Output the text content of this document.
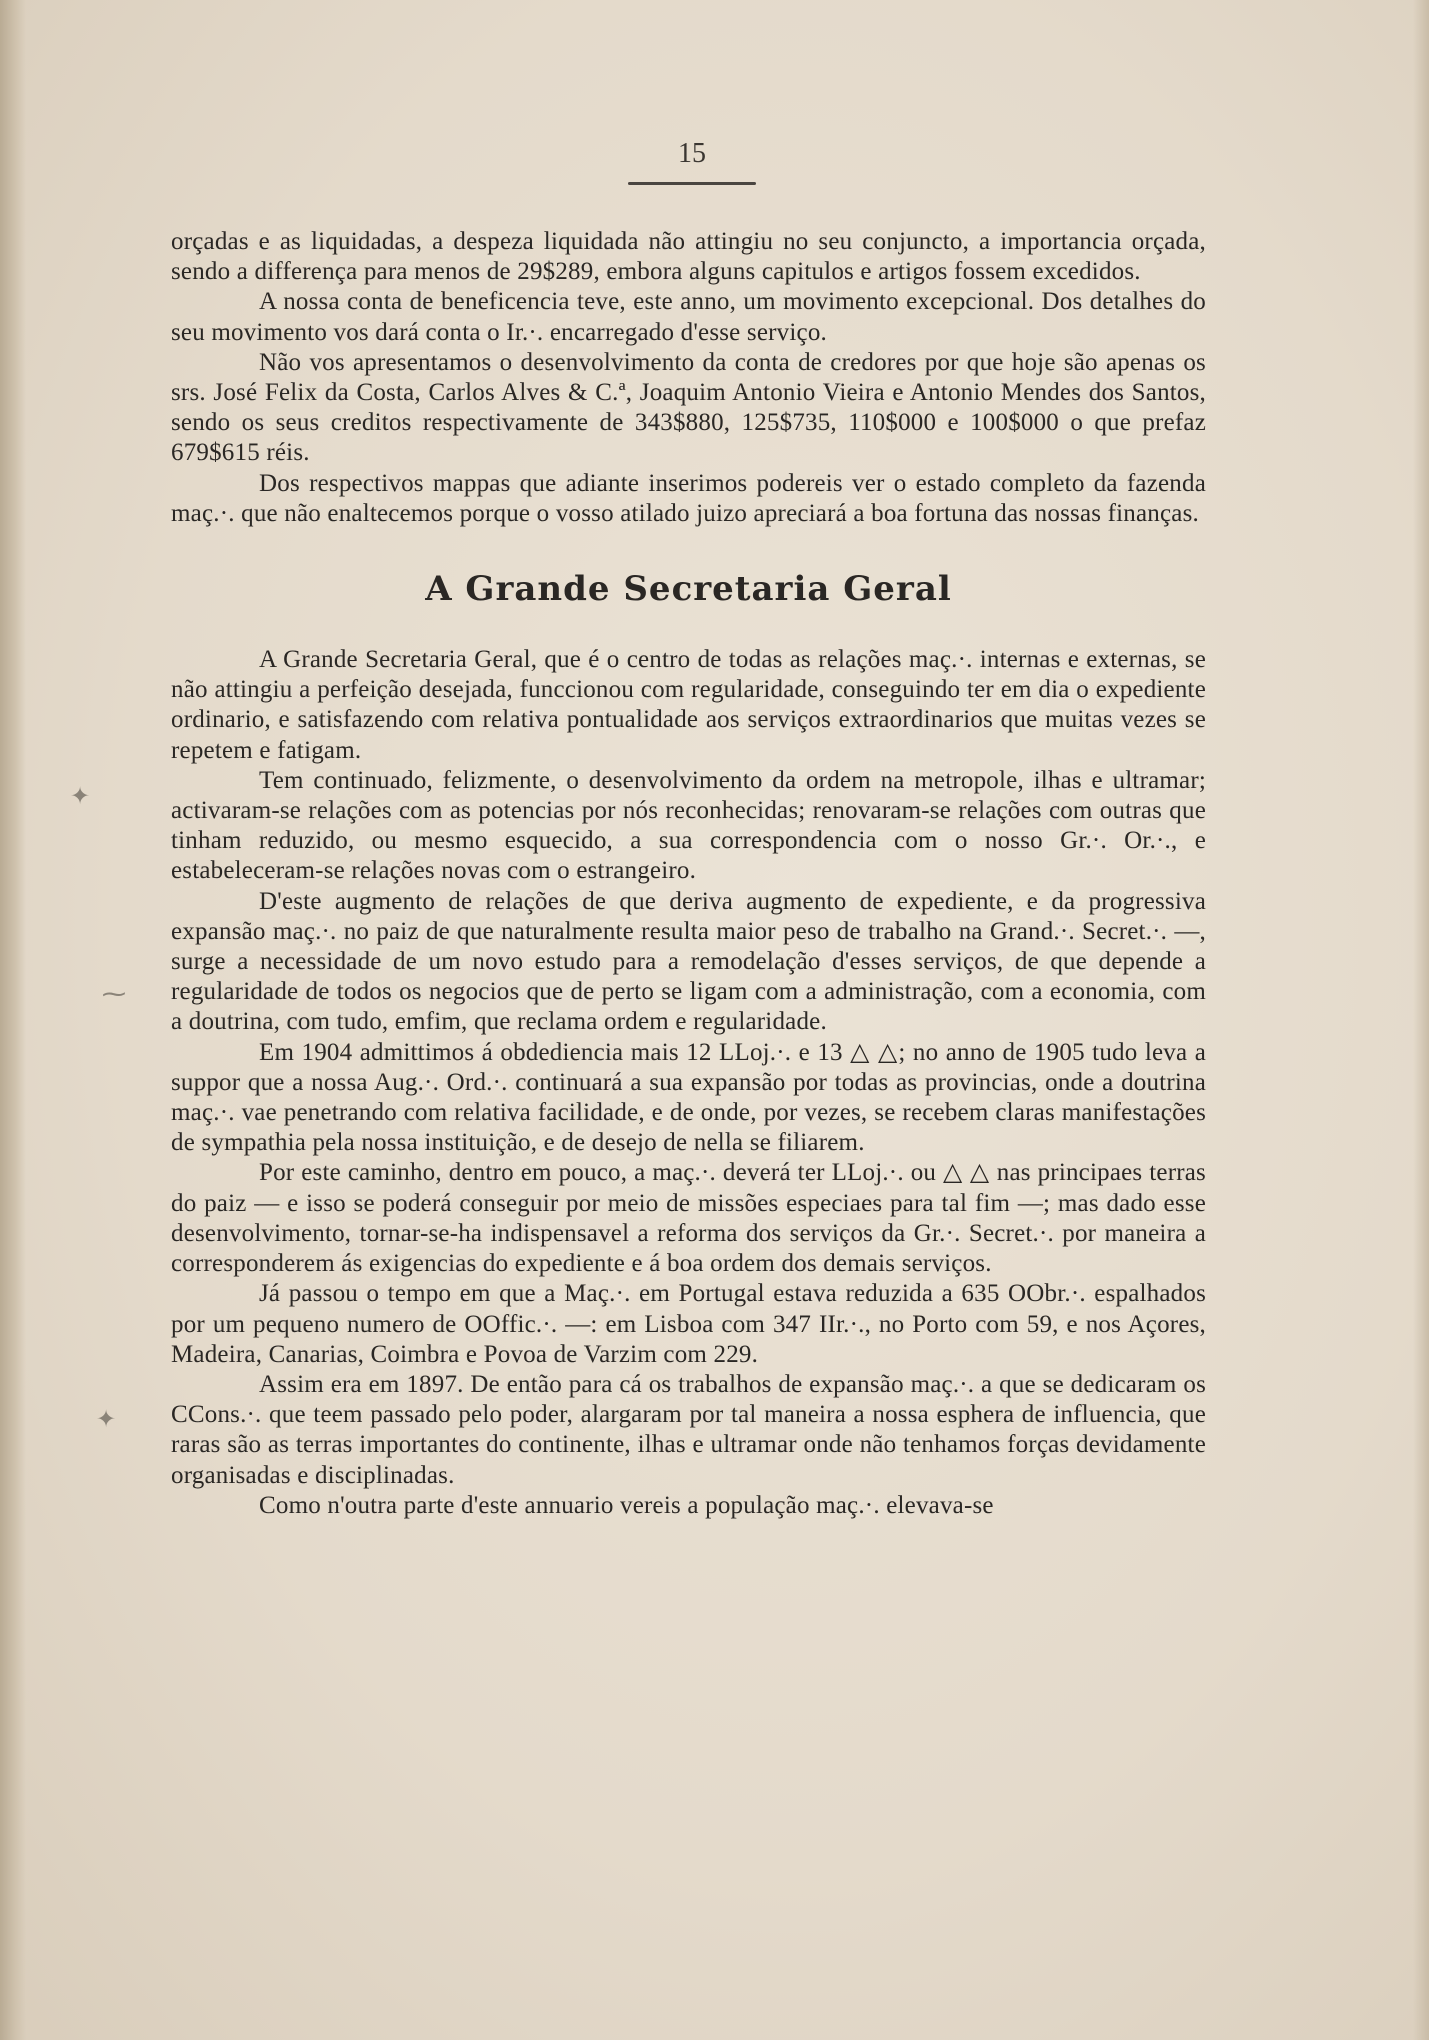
✦
⁓
✦
15

orçadas e as liquidadas, a despeza liquidada não attingiu no seu conjuncto, a importancia orçada, sendo a differença para menos de 29$289, embora alguns capitulos e artigos fossem excedidos.

A nossa conta de beneficencia teve, este anno, um movimento excepcional. Dos detalhes do seu movimento vos dará conta o Ir.·. encarregado d'esse serviço.

Não vos apresentamos o desenvolvimento da conta de credores por que hoje são apenas os srs. José Felix da Costa, Carlos Alves & C.ª, Joaquim Antonio Vieira e Antonio Mendes dos Santos, sendo os seus creditos respectivamente de 343$880, 125$735, 110$000 e 100$000 o que prefaz 679$615 réis.

Dos respectivos mappas que adiante inserimos podereis ver o estado completo da fazenda maç.·. que não enaltecemos porque o vosso atilado juizo apreciará a boa fortuna das nossas finanças.

A Grande Secretaria Geral

A Grande Secretaria Geral, que é o centro de todas as relações maç.·. internas e externas, se não attingiu a perfeição desejada, funccionou com regularidade, conseguindo ter em dia o expediente ordinario, e satisfazendo com relativa pontualidade aos serviços extraordinarios que muitas vezes se repetem e fatigam.

Tem continuado, felizmente, o desenvolvimento da ordem na metropole, ilhas e ultramar; activaram-se relações com as potencias por nós reconhecidas; renovaram-se relações com outras que tinham reduzido, ou mesmo esquecido, a sua correspondencia com o nosso Gr.·. Or.·., e estabeleceram-se relações novas com o estrangeiro.

D'este augmento de relações de que deriva augmento de expediente, e da progressiva expansão maç.·. no paiz de que naturalmente resulta maior peso de trabalho na Grand.·. Secret.·. —, surge a necessidade de um novo estudo para a remodelação d'esses serviços, de que depende a regularidade de todos os negocios que de perto se ligam com a administração, com a economia, com a doutrina, com tudo, emfim, que reclama ordem e regularidade.

Em 1904 admittimos á obdediencia mais 12 LLoj.·. e 13 △ △; no anno de 1905 tudo leva a suppor que a nossa Aug.·. Ord.·. continuará a sua expansão por todas as provincias, onde a doutrina maç.·. vae penetrando com relativa facilidade, e de onde, por vezes, se recebem claras manifestações de sympathia pela nossa instituição, e de desejo de nella se filiarem.

Por este caminho, dentro em pouco, a maç.·. deverá ter LLoj.·. ou △ △ nas principaes terras do paiz — e isso se poderá conseguir por meio de missões especiaes para tal fim —; mas dado esse desenvolvimento, tornar-se-ha indispensavel a reforma dos serviços da Gr.·. Secret.·. por maneira a corresponderem ás exigencias do expediente e á boa ordem dos demais serviços.

Já passou o tempo em que a Maç.·. em Portugal estava reduzida a 635 OObr.·. espalhados por um pequeno numero de OOffic.·. —: em Lisboa com 347 IIr.·., no Porto com 59, e nos Açores, Madeira, Canarias, Coimbra e Povoa de Varzim com 229.

Assim era em 1897. De então para cá os trabalhos de expansão maç.·. a que se dedicaram os CCons.·. que teem passado pelo poder, alargaram por tal maneira a nossa esphera de influencia, que raras são as terras importantes do continente, ilhas e ultramar onde não tenhamos forças devidamente organisadas e disciplinadas.

Como n'outra parte d'este annuario vereis a população maç.·. elevava-se
